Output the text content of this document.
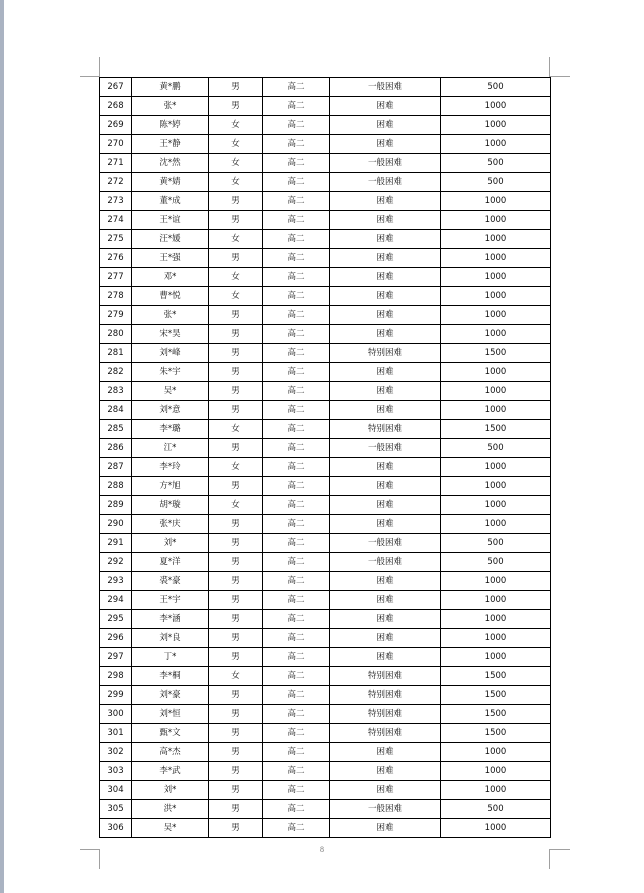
267	黄*鹏	男	高二	一般困难	500
268	张*	男	高二	困难	1000
269	陈*婷	女	高二	困难	1000
270	王*静	女	高二	困难	1000
271	沈*然	女	高二	一般困难	500
272	黄*婧	女	高二	一般困难	500
273	董*成	男	高二	困难	1000
274	王*谊	男	高二	困难	1000
275	汪*媛	女	高二	困难	1000
276	王*强	男	高二	困难	1000
277	邓*	女	高二	困难	1000
278	曹*悦	女	高二	困难	1000
279	张*	男	高二	困难	1000
280	宋*昊	男	高二	困难	1000
281	刘*峰	男	高二	特别困难	1500
282	朱*宇	男	高二	困难	1000
283	吴*	男	高二	困难	1000
284	刘*意	男	高二	困难	1000
285	李*璐	女	高二	特别困难	1500
286	江*	男	高二	一般困难	500
287	李*玲	女	高二	困难	1000
288	方*旭	男	高二	困难	1000
289	胡*璇	女	高二	困难	1000
290	张*庆	男	高二	困难	1000
291	刘*	男	高二	一般困难	500
292	夏*洋	男	高二	一般困难	500
293	裘*豪	男	高二	困难	1000
294	王*宇	男	高二	困难	1000
295	李*涵	男	高二	困难	1000
296	刘*良	男	高二	困难	1000
297	丁*	男	高二	困难	1000
298	李*桐	女	高二	特别困难	1500
299	刘*豪	男	高二	特别困难	1500
300	刘*恒	男	高二	特别困难	1500
301	甄*文	男	高二	特别困难	1500
302	高*杰	男	高二	困难	1000
303	李*武	男	高二	困难	1000
304	刘*	男	高二	困难	1000
305	洪*	男	高二	一般困难	500
306	吴*	男	高二	困难	1000
8
